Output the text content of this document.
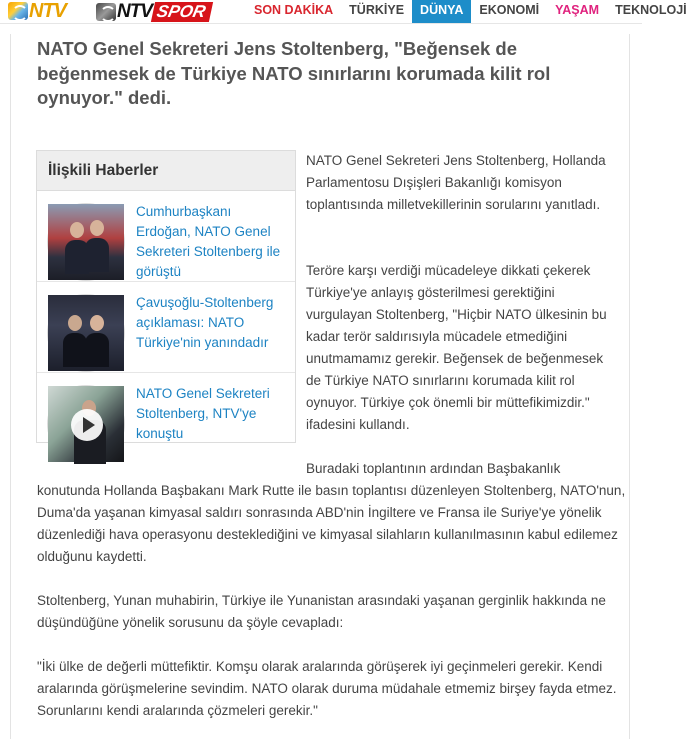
NTV	NTV SPOR	SON DAKİKA	TÜRKİYE	DÜNYA	EKONOMİ	YAŞAM	TEKNOLOJİ
NATO Genel Sekreteri Jens Stoltenberg, "Beğensek de beğenmesek de Türkiye NATO sınırlarını korumada kilit rol oynuyor." dedi.
İlişkili Haberler
Cumhurbaşkanı Erdoğan, NATO Genel Sekreteri Stoltenberg ile görüştü
Çavuşoğlu-Stoltenberg açıklaması: NATO Türkiye'nin yanındadır
NATO Genel Sekreteri Stoltenberg, NTV'ye konuştu

NATO Genel Sekreteri Jens Stoltenberg, Hollanda Parlamentosu Dışişleri Bakanlığı komisyon toplantısında milletvekillerinin sorularını yanıtladı.

Teröre karşı verdiği mücadeleye dikkati çekerek Türkiye'ye anlayış gösterilmesi gerektiğini vurgulayan Stoltenberg, "Hiçbir NATO ülkesinin bu kadar terör saldırısıyla mücadele etmediğini unutmamamız gerekir. Beğensek de beğenmesek de Türkiye NATO sınırlarını korumada kilit rol oynuyor. Türkiye çok önemli bir müttefikimizdir." ifadesini kullandı.

Buradaki toplantının ardından Başbakanlık
konutunda Hollanda Başbakanı Mark Rutte ile basın toplantısı düzenleyen Stoltenberg, NATO'nun, Duma'da yaşanan kimyasal saldırı sonrasında ABD'nin İngiltere ve Fransa ile Suriye'ye yönelik düzenlediği hava operasyonu desteklediğini ve kimyasal silahların kullanılmasının kabul edilemez olduğunu kaydetti.

Stoltenberg, Yunan muhabirin, Türkiye ile Yunanistan arasındaki yaşanan gerginlik hakkında ne düşündüğüne yönelik sorusunu da şöyle cevapladı:

"İki ülke de değerli müttefiktir. Komşu olarak aralarında görüşerek iyi geçinmeleri gerekir. Kendi aralarında görüşmelerine sevindim. NATO olarak duruma müdahale etmemiz birşey fayda etmez. Sorunlarını kendi aralarında çözmeleri gerekir."
